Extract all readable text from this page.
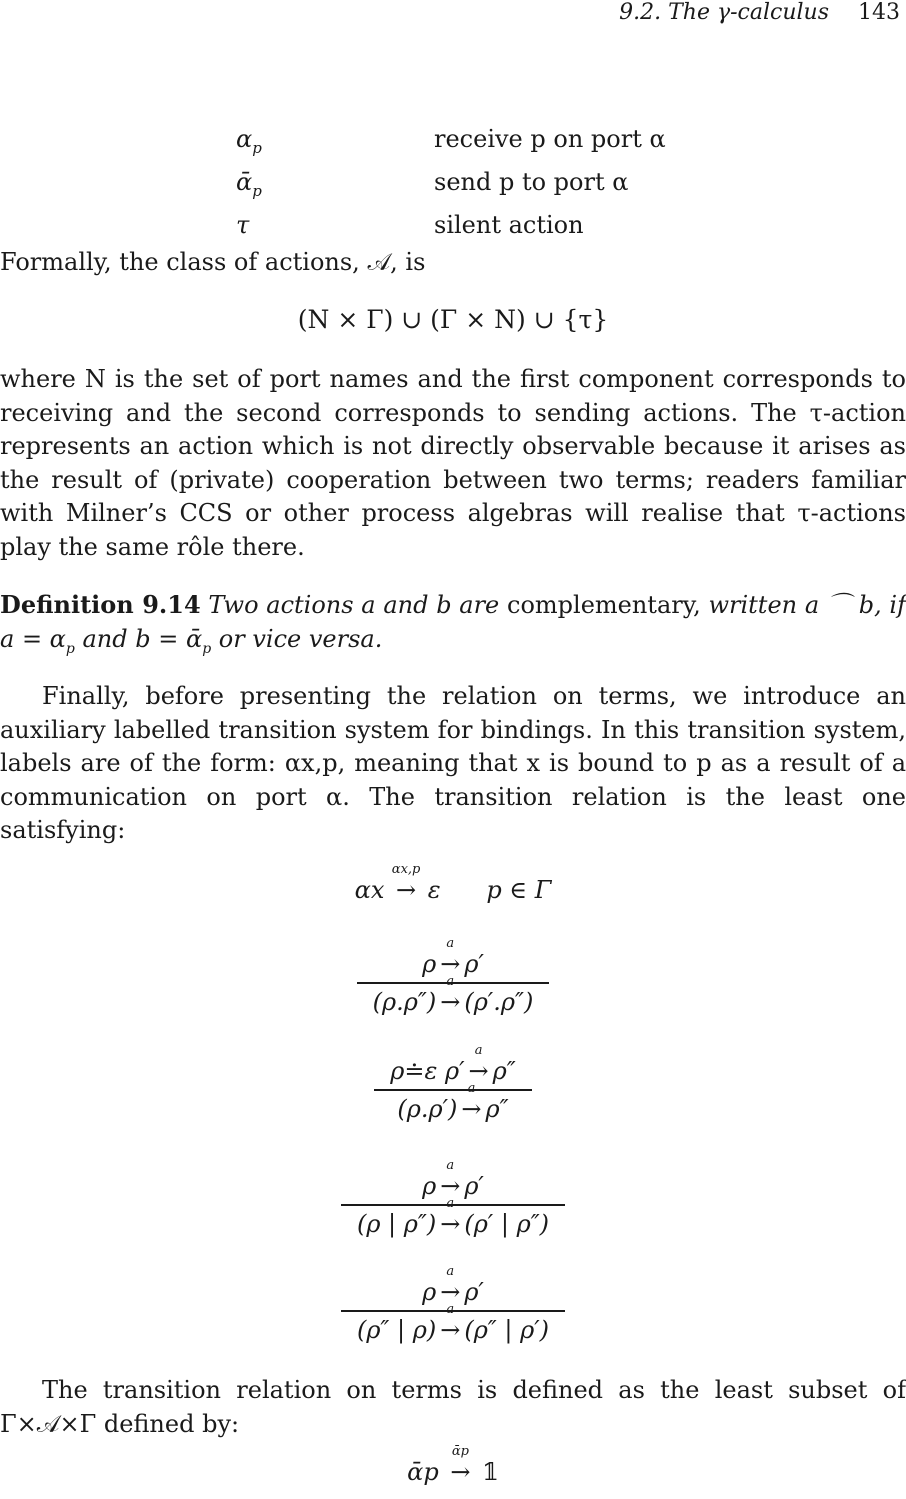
9.2. The γ-calculus 143
$\alpha_p$	receive p on port α
ᾱ$_p$	send p to port α
τ	silent action

Formally, the class of actions, 𝒜, is

(N × Γ) ∪ (Γ × N) ∪ {τ}

where N is the set of port names and the first component corresponds to receiving and the second corresponds to sending actions. The τ-action represents an action which is not directly observable because it arises as the result of (private) cooperation between two terms; readers familiar with Milner’s CCS or other process algebras will realise that τ-actions play the same rôle there.

Definition 9.14 Two actions a and b are complementary, written a ⌒ b, if $a = \alpha_p$ and b = ᾱ$_p$ or vice versa.

Finally, before presenting the relation on terms, we introduce an auxiliary labelled transition system for bindings. In this transition system, labels are of the form: αx,p, meaning that x is bound to p as a result of a communication on port α. The transition relation is the least one satisfying:

αx
αx,p
→ ε p ∈ Γ
ρ
a
→ ρ′
(ρ.ρ″)
a
→ (ρ′.ρ″)
ρ≐ε ρ′
a
→ ρ″
(ρ.ρ′)
a
→ ρ″
ρ
a
→ ρ′
(ρ | ρ″)
a
→ (ρ′ | ρ″)
ρ
a
→ ρ′
(ρ″ | ρ)
a
→ (ρ″ | ρ′)

The transition relation on terms is defined as the least subset of Γ×𝒜×Γ defined by:

ᾱp
ᾱp
→ 𝟙
